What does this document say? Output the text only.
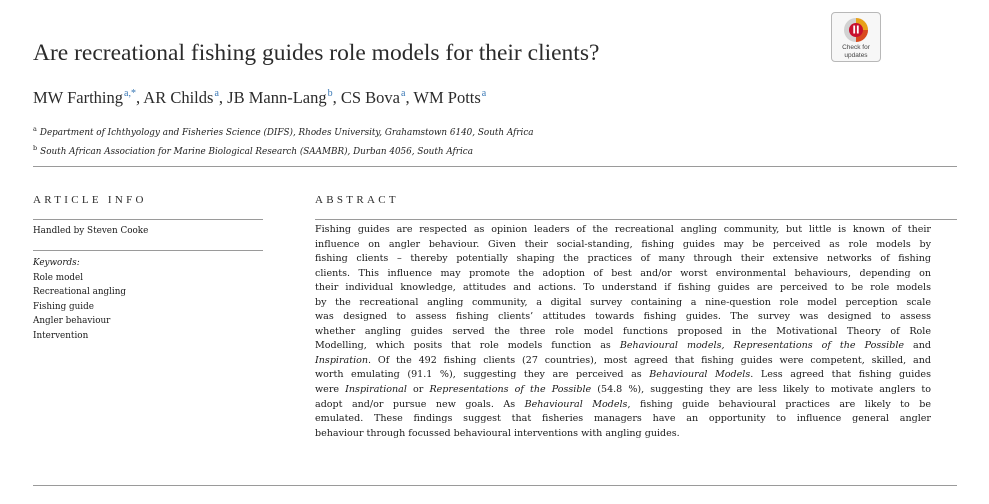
Are recreational fishing guides role models for their clients?	Check for
updates
MW Farthing$^{a,*}$, AR Childs$^a$, JB Mann-Lang$^b$, CS Bova$^a$, WM Potts$^a$
$^a$ Department of Ichthyology and Fisheries Science (DIFS), Rhodes University, Grahamstown 6140, South Africa
$^b$ South African Association for Marine Biological Research (SAAMBR), Durban 4056, South Africa
ARTICLE INFO
Handled by Steven Cooke
Keywords:
Role model
Recreational angling
Fishing guide
Angler behaviour
Intervention
ABSTRACT
Fishing guides are respected as opinion leaders of the recreational angling community, but little is known of their
influence on angler behaviour. Given their social-standing, fishing guides may be perceived as role models by
fishing clients – thereby potentially shaping the practices of many through their extensive networks of fishing
clients. This influence may promote the adoption of best and/or worst environmental behaviours, depending on
their individual knowledge, attitudes and actions. To understand if fishing guides are perceived to be role models
by the recreational angling community, a digital survey containing a nine-question role model perception scale
was designed to assess fishing clients’ attitudes towards fishing guides. The survey was designed to assess
whether angling guides served the three role model functions proposed in the Motivational Theory of Role
Modelling, which posits that role models function as Behavioural models, Representations of the Possible and
Inspiration. Of the 492 fishing clients (27 countries), most agreed that fishing guides were competent, skilled, and
worth emulating (91.1 %), suggesting they are perceived as Behavioural Models. Less agreed that fishing guides
were Inspirational or Representations of the Possible (54.8 %), suggesting they are less likely to motivate anglers to
adopt and/or pursue new goals. As Behavioural Models, fishing guide behavioural practices are likely to be
emulated. These findings suggest that fisheries managers have an opportunity to influence general angler
behaviour through focussed behavioural interventions with angling guides.
